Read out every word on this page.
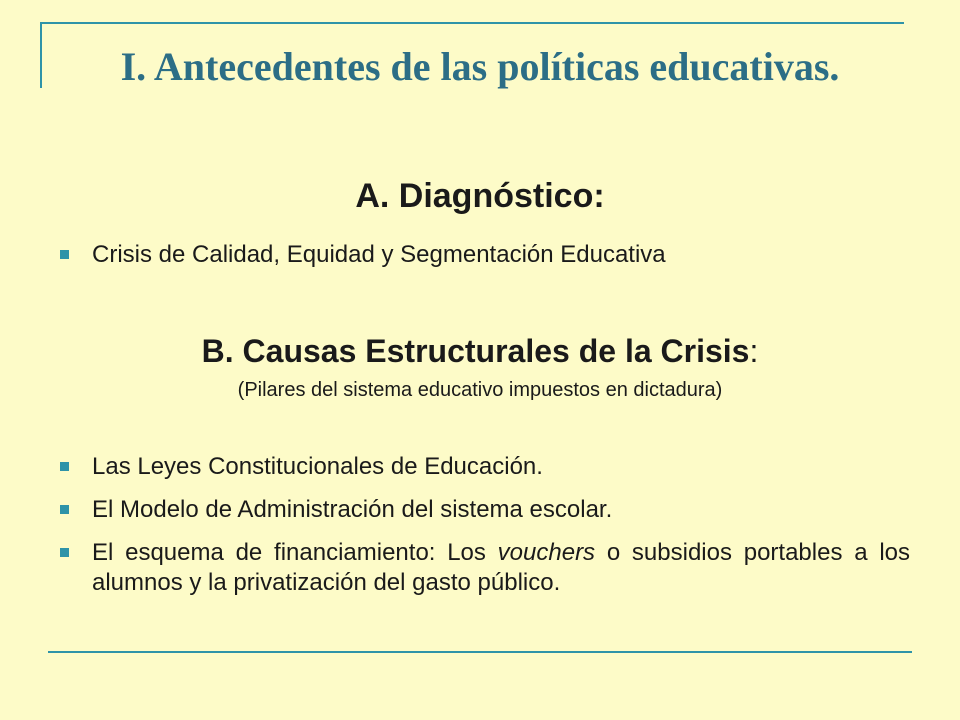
I. Antecedentes de las políticas educativas.
A. Diagnóstico:
Crisis de Calidad, Equidad y Segmentación Educativa
B. Causas Estructurales de la Crisis:

(Pilares del sistema educativo impuestos en dictadura)

Las Leyes Constitucionales de Educación.
El Modelo de Administración del sistema escolar.
El esquema de financiamiento: Los vouchers o subsidios portables a los alumnos y la privatización del gasto público.
